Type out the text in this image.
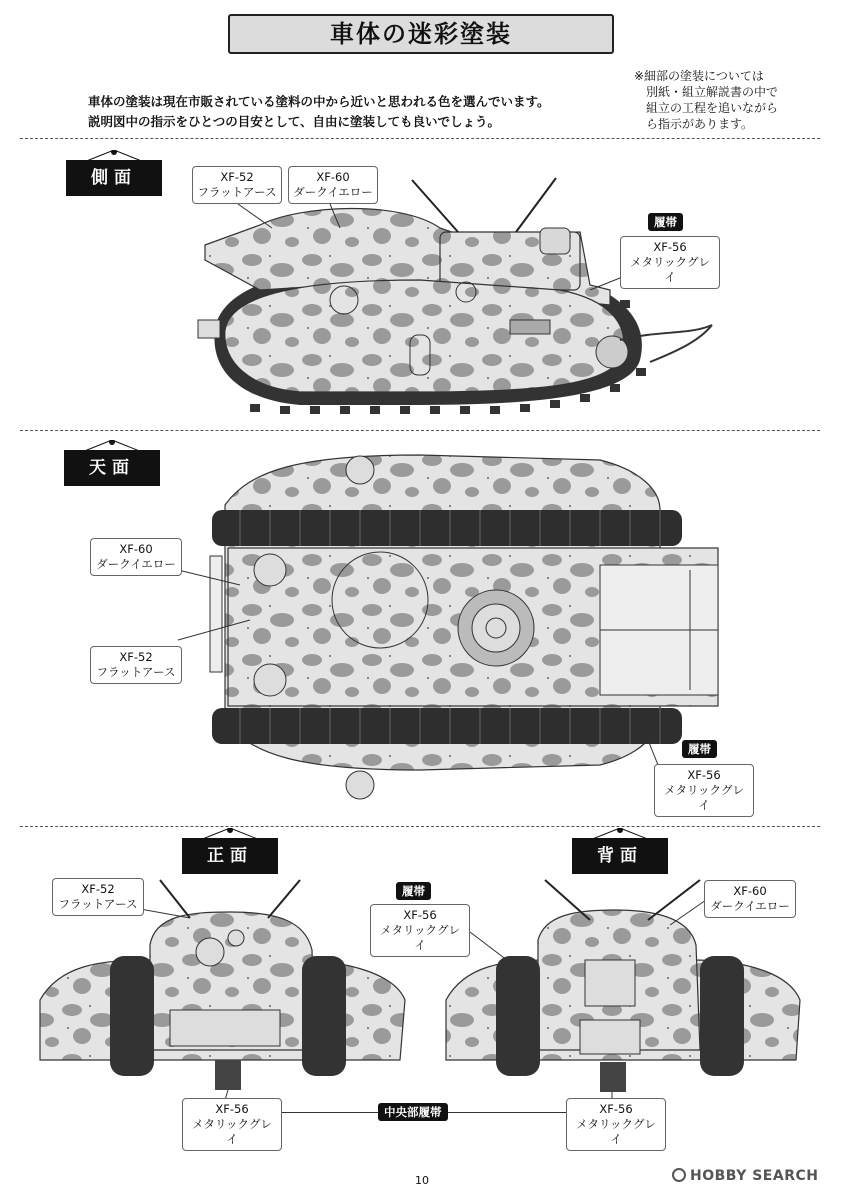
車体の迷彩塗装
車体の塗装は現在市販されている塗料の中から近いと思われる色を選んでいます。
説明図中の指示をひとつの目安として、自由に塗装しても良いでしょう。
※細部の塗装については
別紙・組立解説書の中で
組立の工程を追いながら
ら指示があります。
側面
天面
正面	背面
XF-52
フラットアース
XF-60
ダークイエロー
履帯
XF-56
メタリックグレイ
XF-60
ダークイエロー
XF-52
フラットアース
履帯
XF-56
メタリックグレイ
XF-52
フラットアース
履帯
XF-56
メタリックグレイ
XF-56
メタリックグレイ
XF-60
ダークイエロー
XF-56
メタリックグレイ
中央部履帯
10	HOBBY SEARCH
